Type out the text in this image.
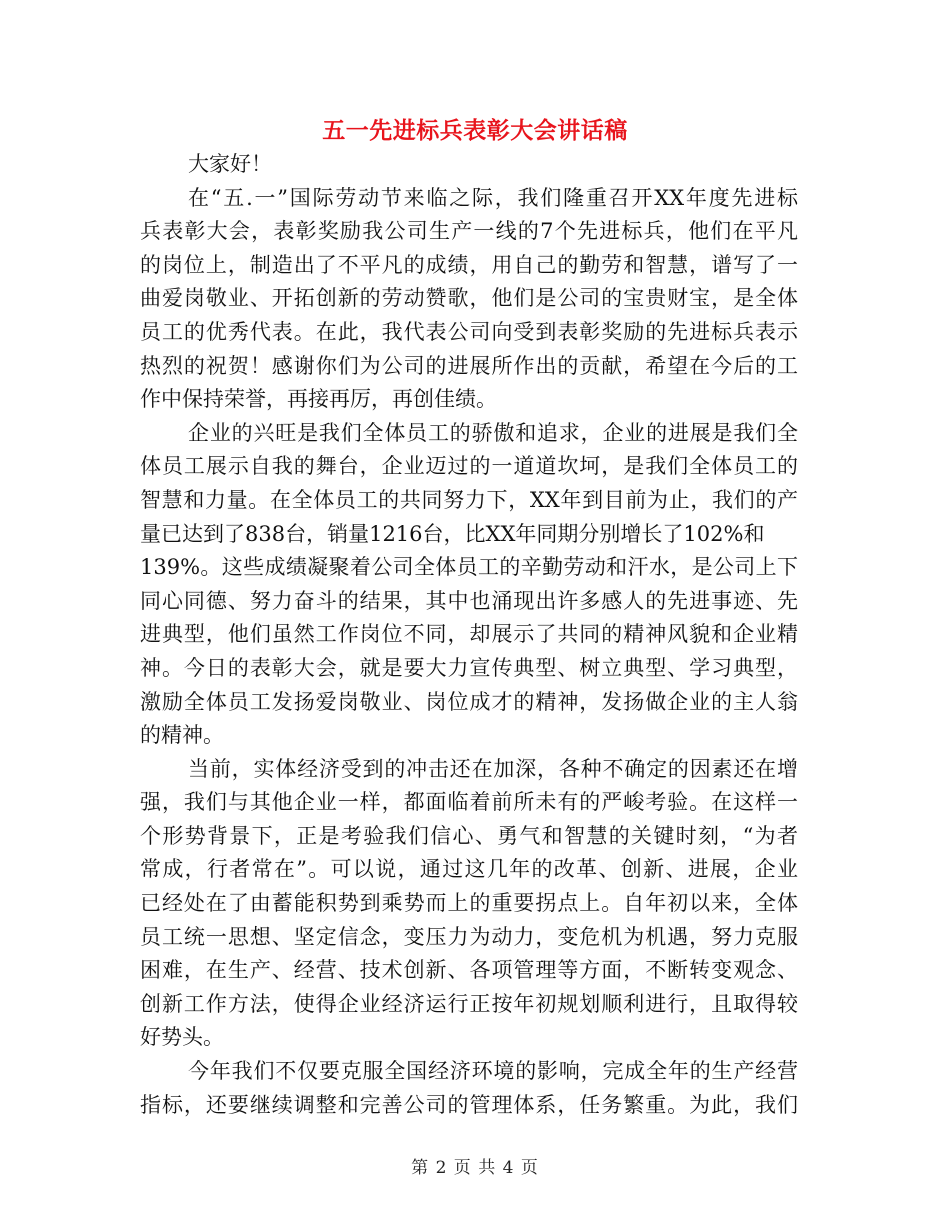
五一先进标兵表彰大会讲话稿
大家好！
在“五.一”国际劳动节来临之际，我们隆重召开XX年度先进标
兵表彰大会，表彰奖励我公司生产一线的7个先进标兵，他们在平凡
的岗位上，制造出了不平凡的成绩，用自己的勤劳和智慧，谱写了一
曲爱岗敬业、开拓创新的劳动赞歌，他们是公司的宝贵财宝，是全体
员工的优秀代表。在此，我代表公司向受到表彰奖励的先进标兵表示
热烈的祝贺！感谢你们为公司的进展所作出的贡献，希望在今后的工
作中保持荣誉，再接再厉，再创佳绩。
企业的兴旺是我们全体员工的骄傲和追求，企业的进展是我们全
体员工展示自我的舞台，企业迈过的一道道坎坷，是我们全体员工的
智慧和力量。在全体员工的共同努力下，XX年到目前为止，我们的产
量已达到了838台，销量1216台，比XX年同期分别增长了102%和
139%。这些成绩凝聚着公司全体员工的辛勤劳动和汗水，是公司上下
同心同德、努力奋斗的结果，其中也涌现出许多感人的先进事迹、先
进典型，他们虽然工作岗位不同，却展示了共同的精神风貌和企业精
神。今日的表彰大会，就是要大力宣传典型、树立典型、学习典型，
激励全体员工发扬爱岗敬业、岗位成才的精神，发扬做企业的主人翁
的精神。
当前，实体经济受到的冲击还在加深，各种不确定的因素还在增
强，我们与其他企业一样，都面临着前所未有的严峻考验。在这样一
个形势背景下，正是考验我们信心、勇气和智慧的关键时刻，“为者
常成，行者常在”。可以说，通过这几年的改革、创新、进展，企业
已经处在了由蓄能积势到乘势而上的重要拐点上。自年初以来，全体
员工统一思想、坚定信念，变压力为动力，变危机为机遇，努力克服
困难，在生产、经营、技术创新、各项管理等方面，不断转变观念、
创新工作方法，使得企业经济运行正按年初规划顺利进行，且取得较
好势头。
今年我们不仅要克服全国经济环境的影响，完成全年的生产经营
指标，还要继续调整和完善公司的管理体系，任务繁重。为此，我们
第 2 页 共 4 页
